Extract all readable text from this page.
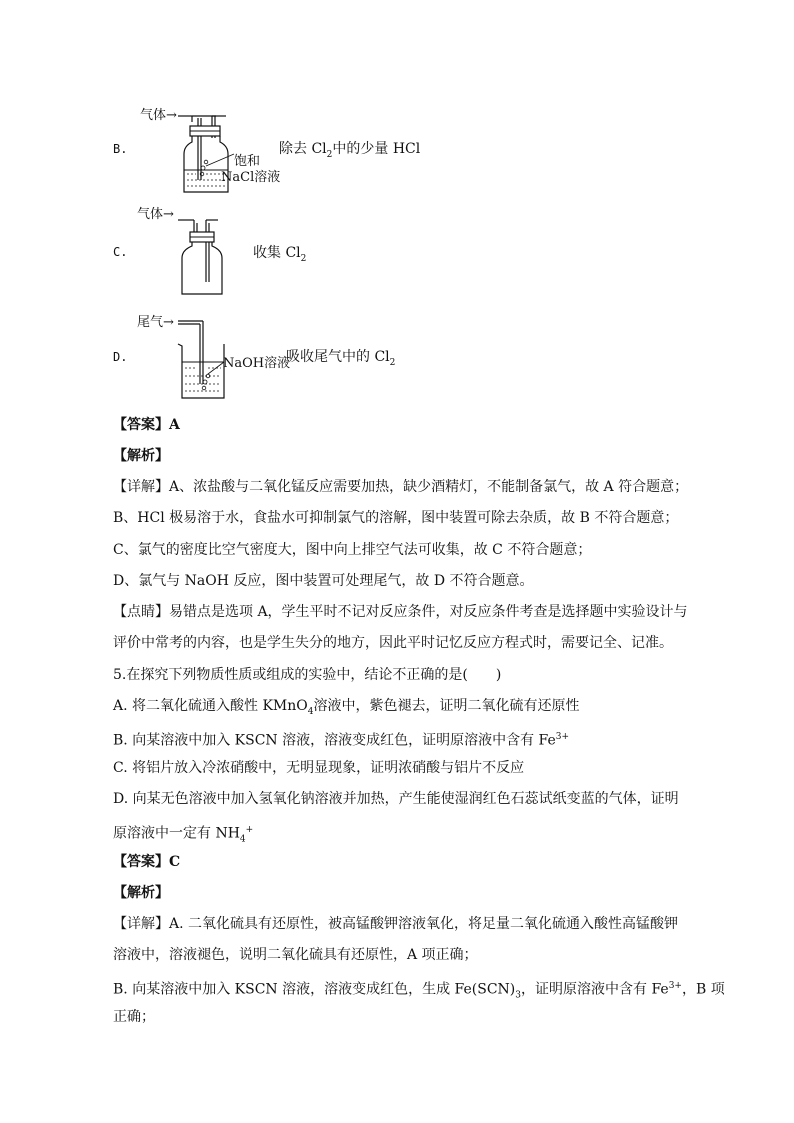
B.
气体→
饱和
NaCl溶液
除去 $Cl_2$中的少量 HCl
C.
气体→
收集 $Cl_2$
D.
尾气→
NaOH溶液
吸收尾气中的 $Cl_2$
【答案】A
【解析】
【详解】A、浓盐酸与二氧化锰反应需要加热，缺少酒精灯，不能制备氯气，故 A 符合题意；
B、HCl 极易溶于水，食盐水可抑制氯气的溶解，图中装置可除去杂质，故 B 不符合题意；
C、氯气的密度比空气密度大，图中向上排空气法可收集，故 C 不符合题意；
D、氯气与 NaOH 反应，图中装置可处理尾气，故 D 不符合题意。
【点睛】易错点是选项 A，学生平时不记对反应条件，对反应条件考查是选择题中实验设计与
评价中常考的内容，也是学生失分的地方，因此平时记忆反应方程式时，需要记全、记准。
5.在探究下列物质性质或组成的实验中，结论不正确的是(　　)
A. 将二氧化硫通入酸性 KMnO$_4$溶液中，紫色褪去，证明二氧化硫有还原性
B. 向某溶液中加入 KSCN 溶液，溶液变成红色，证明原溶液中含有 $Fe^{3+}$
C. 将铝片放入冷浓硝酸中，无明显现象，证明浓硝酸与铝片不反应
D. 向某无色溶液中加入氢氧化钠溶液并加热，产生能使湿润红色石蕊试纸变蓝的气体，证明
原溶液中一定有 $NH_4^+$
【答案】C
【解析】
【详解】A. 二氧化硫具有还原性，被高锰酸钾溶液氧化，将足量二氧化硫通入酸性高锰酸钾
溶液中，溶液褪色，说明二氧化硫具有还原性，A 项正确；
B. 向某溶液中加入 KSCN 溶液，溶液变成红色，生成 $Fe(SCN)_3$，证明原溶液中含有 $Fe^{3+}$，B 项
正确；
